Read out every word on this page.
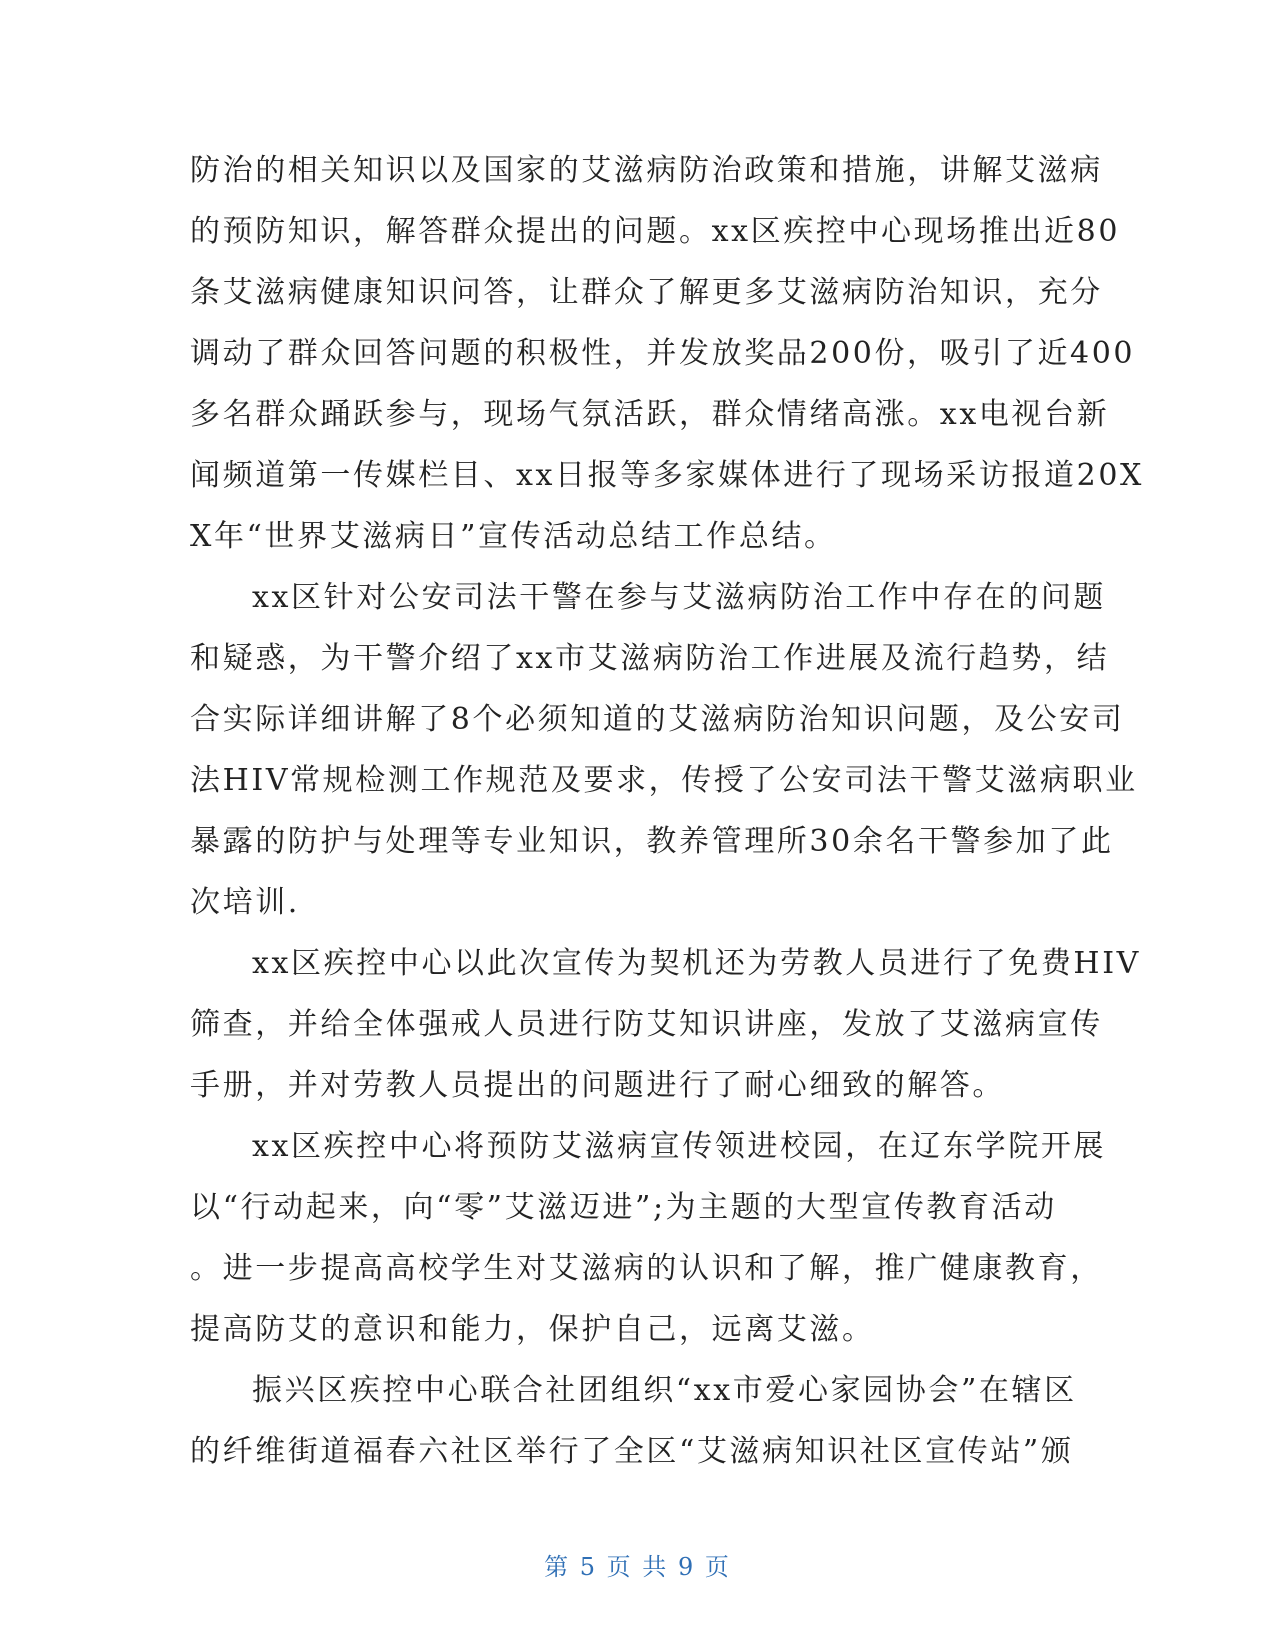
防治的相关知识以及国家的艾滋病防治政策和措施，讲解艾滋病
的预防知识，解答群众提出的问题。xx区疾控中心现场推出近80
条艾滋病健康知识问答，让群众了解更多艾滋病防治知识，充分
调动了群众回答问题的积极性，并发放奖品200份，吸引了近400
多名群众踊跃参与，现场气氛活跃，群众情绪高涨。xx电视台新
闻频道第一传媒栏目、xx日报等多家媒体进行了现场采访报道20X
X年“世界艾滋病日”宣传活动总结工作总结。
xx区针对公安司法干警在参与艾滋病防治工作中存在的问题
和疑惑，为干警介绍了xx市艾滋病防治工作进展及流行趋势，结
合实际详细讲解了8个必须知道的艾滋病防治知识问题，及公安司
法HIV常规检测工作规范及要求，传授了公安司法干警艾滋病职业
暴露的防护与处理等专业知识，教养管理所30余名干警参加了此
次培训.
xx区疾控中心以此次宣传为契机还为劳教人员进行了免费HIV
筛查，并给全体强戒人员进行防艾知识讲座，发放了艾滋病宣传
手册，并对劳教人员提出的问题进行了耐心细致的解答。
xx区疾控中心将预防艾滋病宣传领进校园，在辽东学院开展
以“行动起来，向“零”艾滋迈进”;为主题的大型宣传教育活动
。进一步提高高校学生对艾滋病的认识和了解，推广健康教育，
提高防艾的意识和能力，保护自己，远离艾滋。
振兴区疾控中心联合社团组织“xx市爱心家园协会”在辖区
的纤维街道福春六社区举行了全区“艾滋病知识社区宣传站”颁
第 5 页 共 9 页
